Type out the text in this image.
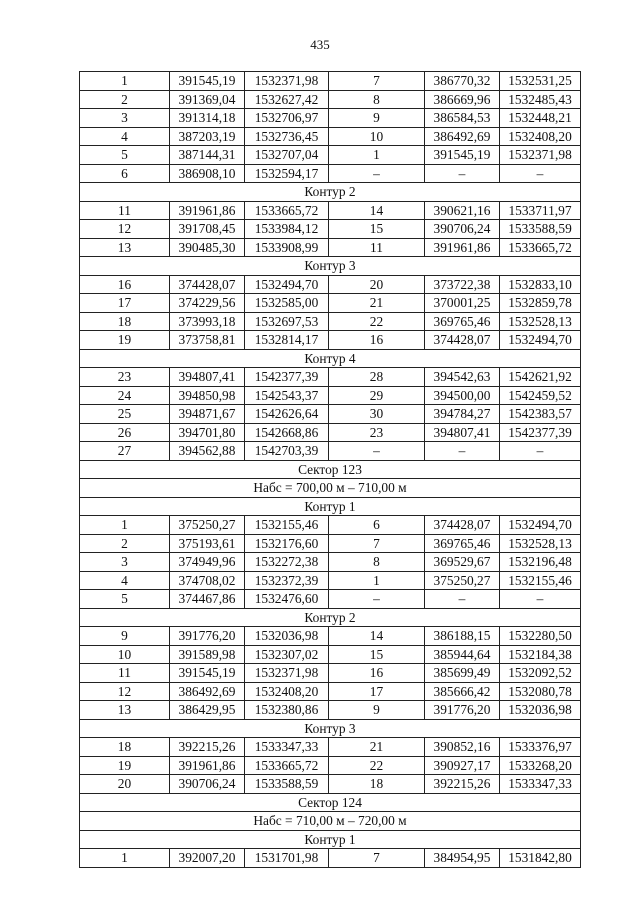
435
1	391545,19	1532371,98	7	386770,32	1532531,25
2	391369,04	1532627,42	8	386669,96	1532485,43
3	391314,18	1532706,97	9	386584,53	1532448,21
4	387203,19	1532736,45	10	386492,69	1532408,20
5	387144,31	1532707,04	1	391545,19	1532371,98
6	386908,10	1532594,17	–	–	–
Контур 2					
11	391961,86	1533665,72	14	390621,16	1533711,97
12	391708,45	1533984,12	15	390706,24	1533588,59
13	390485,30	1533908,99	11	391961,86	1533665,72
Контур 3					
16	374428,07	1532494,70	20	373722,38	1532833,10
17	374229,56	1532585,00	21	370001,25	1532859,78
18	373993,18	1532697,53	22	369765,46	1532528,13
19	373758,81	1532814,17	16	374428,07	1532494,70
Контур 4					
23	394807,41	1542377,39	28	394542,63	1542621,92
24	394850,98	1542543,37	29	394500,00	1542459,52
25	394871,67	1542626,64	30	394784,27	1542383,57
26	394701,80	1542668,86	23	394807,41	1542377,39
27	394562,88	1542703,39	–	–	–
Сектор 123					
Набс = 700,00 м – 710,00 м					
Контур 1					
1	375250,27	1532155,46	6	374428,07	1532494,70
2	375193,61	1532176,60	7	369765,46	1532528,13
3	374949,96	1532272,38	8	369529,67	1532196,48
4	374708,02	1532372,39	1	375250,27	1532155,46
5	374467,86	1532476,60	–	–	–
Контур 2					
9	391776,20	1532036,98	14	386188,15	1532280,50
10	391589,98	1532307,02	15	385944,64	1532184,38
11	391545,19	1532371,98	16	385699,49	1532092,52
12	386492,69	1532408,20	17	385666,42	1532080,78
13	386429,95	1532380,86	9	391776,20	1532036,98
Контур 3					
18	392215,26	1533347,33	21	390852,16	1533376,97
19	391961,86	1533665,72	22	390927,17	1533268,20
20	390706,24	1533588,59	18	392215,26	1533347,33
Сектор 124					
Набс = 710,00 м – 720,00 м					
Контур 1					
1	392007,20	1531701,98	7	384954,95	1531842,80
